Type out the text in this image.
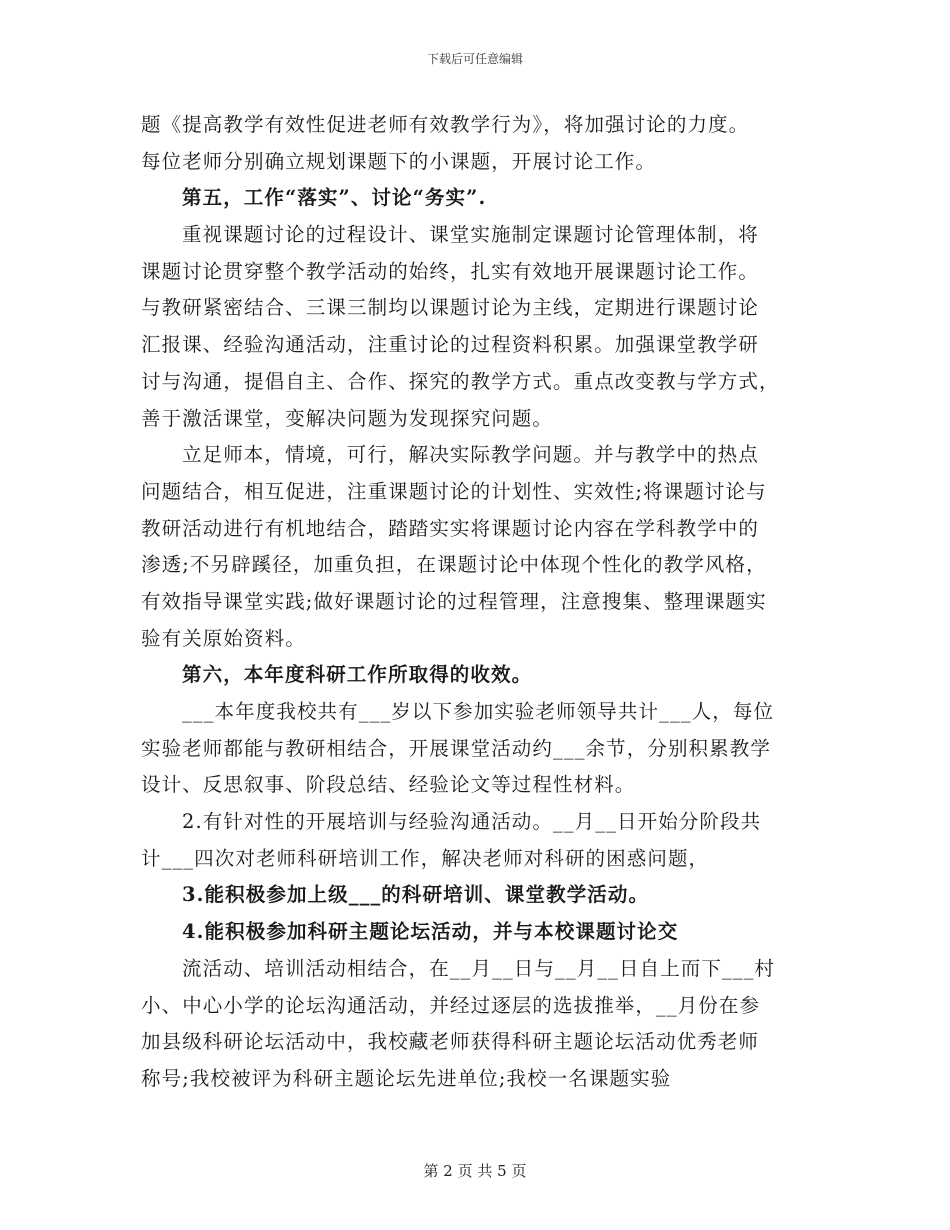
下载后可任意编辑
题《提高教学有效性促进老师有效教学行为》，将加强讨论的力度。
每位老师分别确立规划课题下的小课题，开展讨论工作。
第五，工作“落实”、讨论“务实”.
重视课题讨论的过程设计、课堂实施制定课题讨论管理体制，将
课题讨论贯穿整个教学活动的始终，扎实有效地开展课题讨论工作。
与教研紧密结合、三课三制均以课题讨论为主线，定期进行课题讨论
汇报课、经验沟通活动，注重讨论的过程资料积累。加强课堂教学研
讨与沟通，提倡自主、合作、探究的教学方式。重点改变教与学方式，
善于激活课堂，变解决问题为发现探究问题。
立足师本，情境，可行，解决实际教学问题。并与教学中的热点
问题结合，相互促进，注重课题讨论的计划性、实效性;将课题讨论与
教研活动进行有机地结合，踏踏实实将课题讨论内容在学科教学中的
渗透;不另辟蹊径，加重负担，在课题讨论中体现个性化的教学风格，
有效指导课堂实践;做好课题讨论的过程管理，注意搜集、整理课题实
验有关原始资料。
第六，本年度科研工作所取得的收效。
___本年度我校共有___岁以下参加实验老师领导共计___人，每位
实验老师都能与教研相结合，开展课堂活动约___余节，分别积累教学
设计、反思叙事、阶段总结、经验论文等过程性材料。
2.有针对性的开展培训与经验沟通活动。__月__日开始分阶段共
计___四次对老师科研培训工作，解决老师对科研的困惑问题，
3.能积极参加上级___的科研培训、课堂教学活动。
4.能积极参加科研主题论坛活动，并与本校课题讨论交
流活动、培训活动相结合，在__月__日与__月__日自上而下___村
小、中心小学的论坛沟通活动，并经过逐层的选拔推举，__月份在参
加县级科研论坛活动中，我校藏老师获得科研主题论坛活动优秀老师
称号;我校被评为科研主题论坛先进单位;我校一名课题实验
第 2 页 共 5 页
